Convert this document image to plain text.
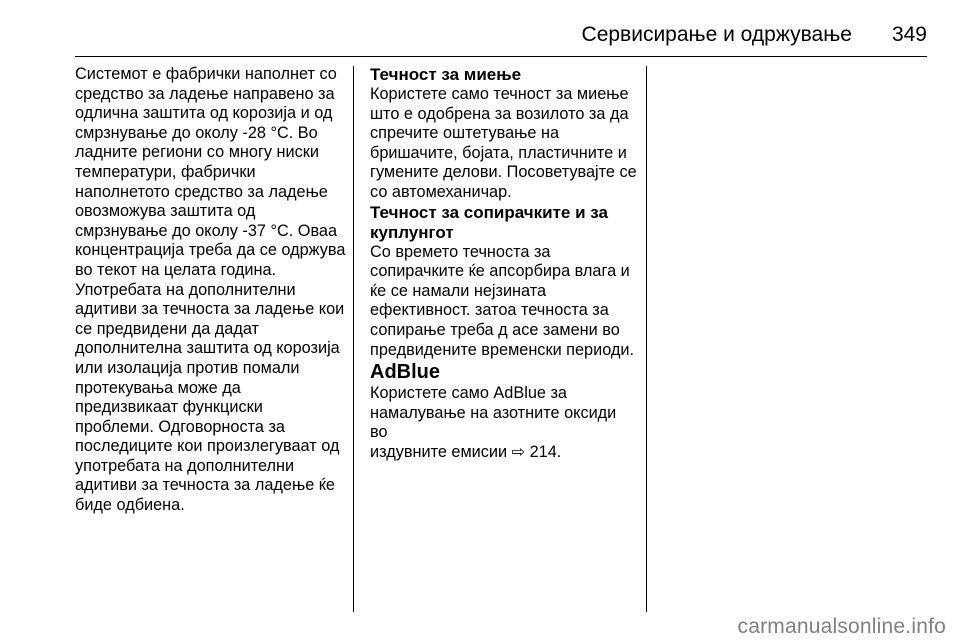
Сервисирање и одржување 349

Системот е фабрички наполнет со
средство за ладење направено за
одлична заштита од корозија и од
смрзнување до околу -28 °C. Во
ладните региони со многу ниски
температури, фабрички
наполнетото средство за ладење
овозможува заштита од
смрзнување до околу -37 °C. Оваа
концентрација треба да се одржува
во текот на целата година.
Употребата на дополнителни
адитиви за течноста за ладење кои
се предвидени да дадат
дополнителна заштита од корозија
или изолација против помали
протекувања може да
предизвикаат функциски
проблеми. Одговорноста за
последиците кои произлегуваат од
употребата на дополнителни
адитиви за течноста за ладење ќе
биде одбиена.

Течност за миење

Користете само течност за миење
што е одобрена за возилото за да
спречите оштетување на
бришачите, бојата, пластичните и
гумените делови. Посоветувајте се
со автомеханичар.

Течност за сопирачките и за
куплунгот

Со времето течноста за
сопирачките ќе апсорбира влага и
ќе се намали нејзината
ефективност. затоа течноста за
сопирање треба д асе замени во
предвидените временски периоди.

AdBlue

Користете само AdBlue за
намалување на азотните оксиди во
издувните емисии ⇨ 214.

carmanualsonline.info
